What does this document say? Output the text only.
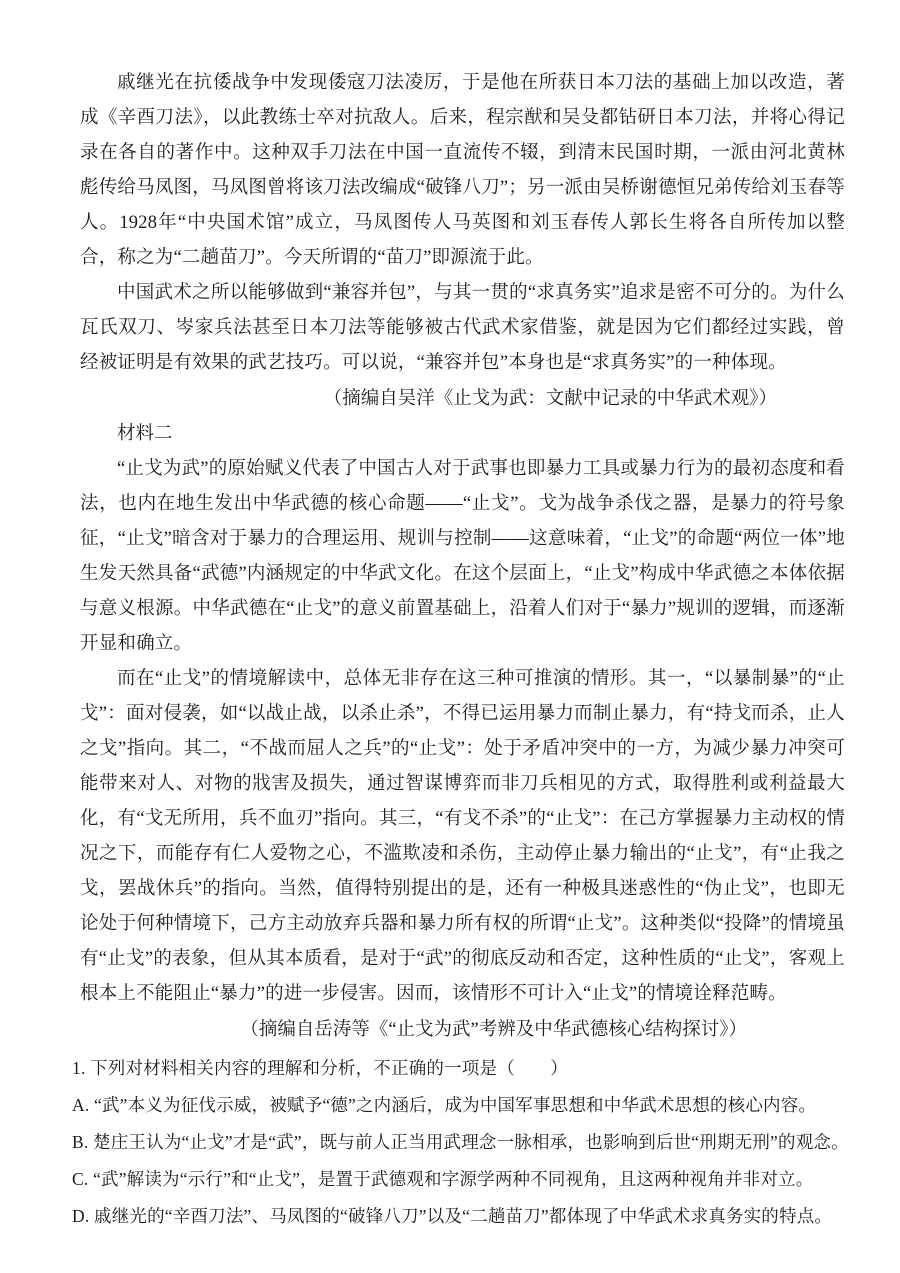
戚继光在抗倭战争中发现倭寇刀法凌厉，于是他在所获日本刀法的基础上加以改造，著成《辛酉刀法》，以此教练士卒对抗敌人。后来，程宗猷和吴殳都钻研日本刀法，并将心得记录在各自的著作中。这种双手刀法在中国一直流传不辍，到清末民国时期，一派由河北黄林彪传给马凤图，马凤图曾将该刀法改编成“破锋八刀”；另一派由吴桥谢德恒兄弟传给刘玉春等人。1928年“中央国术馆”成立，马凤图传人马英图和刘玉春传人郭长生将各自所传加以整合，称之为“二趟苗刀”。今天所谓的“苗刀”即源流于此。

中国武术之所以能够做到“兼容并包”，与其一贯的“求真务实”追求是密不可分的。为什么瓦氏双刀、岑家兵法甚至日本刀法等能够被古代武术家借鉴，就是因为它们都经过实践，曾经被证明是有效果的武艺技巧。可以说，“兼容并包”本身也是“求真务实”的一种体现。

（摘编自吴洋《止戈为武：文献中记录的中华武术观》）

材料二

“止戈为武”的原始赋义代表了中国古人对于武事也即暴力工具或暴力行为的最初态度和看法，也内在地生发出中华武德的核心命题——“止戈”。戈为战争杀伐之器，是暴力的符号象征，“止戈”暗含对于暴力的合理运用、规训与控制——这意味着，“止戈”的命题“两位一体”地生发天然具备“武德”内涵规定的中华武文化。在这个层面上，“止戈”构成中华武德之本体依据与意义根源。中华武德在“止戈”的意义前置基础上，沿着人们对于“暴力”规训的逻辑，而逐渐开显和确立。

而在“止戈”的情境解读中，总体无非存在这三种可推演的情形。其一，“以暴制暴”的“止戈”：面对侵袭，如“以战止战，以杀止杀”，不得已运用暴力而制止暴力，有“持戈而杀，止人之戈”指向。其二，“不战而屈人之兵”的“止戈”：处于矛盾冲突中的一方，为减少暴力冲突可能带来对人、对物的戕害及损失，通过智谋博弈而非刀兵相见的方式，取得胜利或利益最大化，有“戈无所用，兵不血刃”指向。其三，“有戈不杀”的“止戈”：在己方掌握暴力主动权的情况之下，而能存有仁人爱物之心，不滥欺凌和杀伤，主动停止暴力输出的“止戈”，有“止我之戈，罢战休兵”的指向。当然，值得特别提出的是，还有一种极具迷惑性的“伪止戈”，也即无论处于何种情境下，己方主动放弃兵器和暴力所有权的所谓“止戈”。这种类似“投降”的情境虽有“止戈”的表象，但从其本质看，是对于“武”的彻底反动和否定，这种性质的“止戈”，客观上根本上不能阻止“暴力”的进一步侵害。因而，该情形不可计入“止戈”的情境诠释范畴。

（摘编自岳涛等《“止戈为武”考辨及中华武德核心结构探讨》）

1. 下列对材料相关内容的理解和分析，不正确的一项是（　　）

A. “武”本义为征伐示威，被赋予“德”之内涵后，成为中国军事思想和中华武术思想的核心内容。

B. 楚庄王认为“止戈”才是“武”，既与前人正当用武理念一脉相承，也影响到后世“刑期无刑”的观念。

C. “武”解读为“示行”和“止戈”，是置于武德观和字源学两种不同视角，且这两种视角并非对立。

D. 戚继光的“辛酉刀法”、马凤图的“破锋八刀”以及“二趟苗刀”都体现了中华武术求真务实的特点。
